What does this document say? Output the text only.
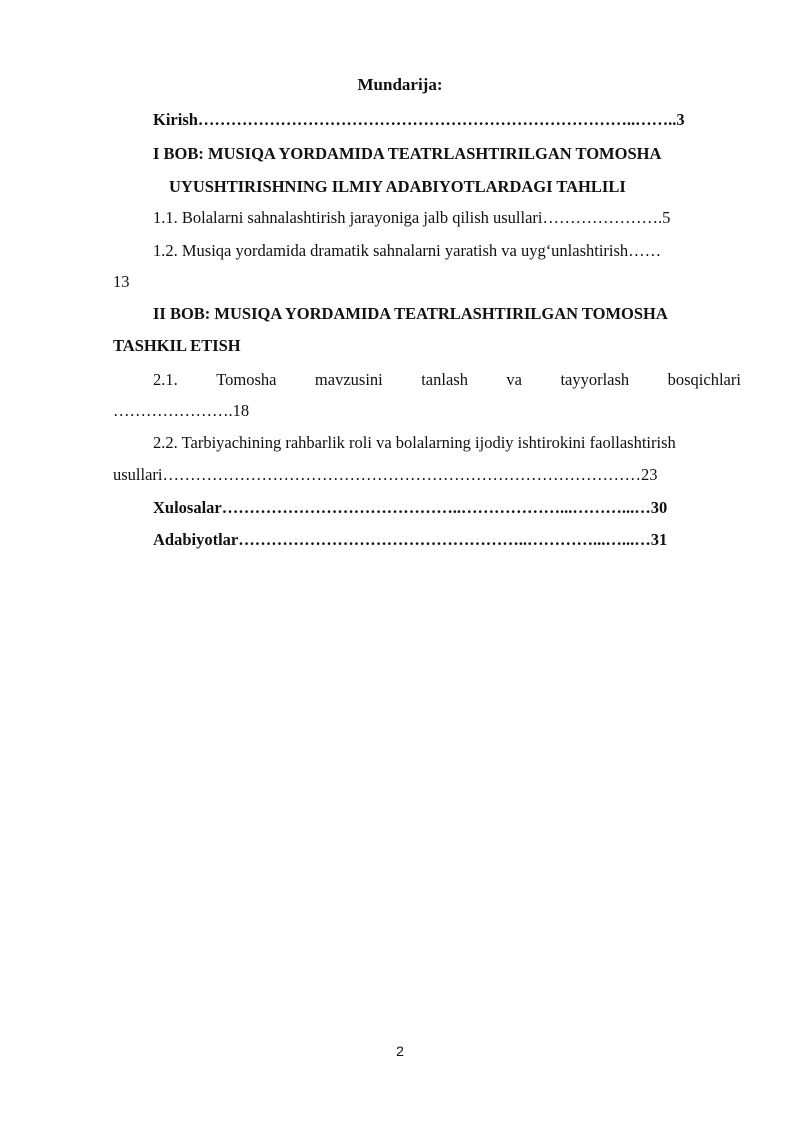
Mundarija:
Kirish……………………………………………………………………..……..3
I BOB: MUSIQA YORDAMIDA TEATRLASHTIRILGAN TOMOSHA
UYUSHTIRISHNING ILMIY ADABIYOTLARDAGI TAHLILI
1.1. Bolalarni sahnalashtirish jarayoniga jalb qilish usullari………………….5
1.2. Musiqa yordamida dramatik sahnalarni yaratish va uyg‘unlashtirish……
13
II BOB: MUSIQA YORDAMIDA TEATRLASHTIRILGAN TOMOSHA
TASHKIL ETISH
2.1. Tomosha mavzusini tanlash va tayyorlash bosqichlari
………………….18
2.2. Tarbiyachining rahbarlik roli va bolalarning ijodiy ishtirokini faollashtirish
usullari……………………………………………………………………………23
Xulosalar……………………………………..………………...………...…30
Adabiyotlar……………………………………………..…………...…...…31
2
